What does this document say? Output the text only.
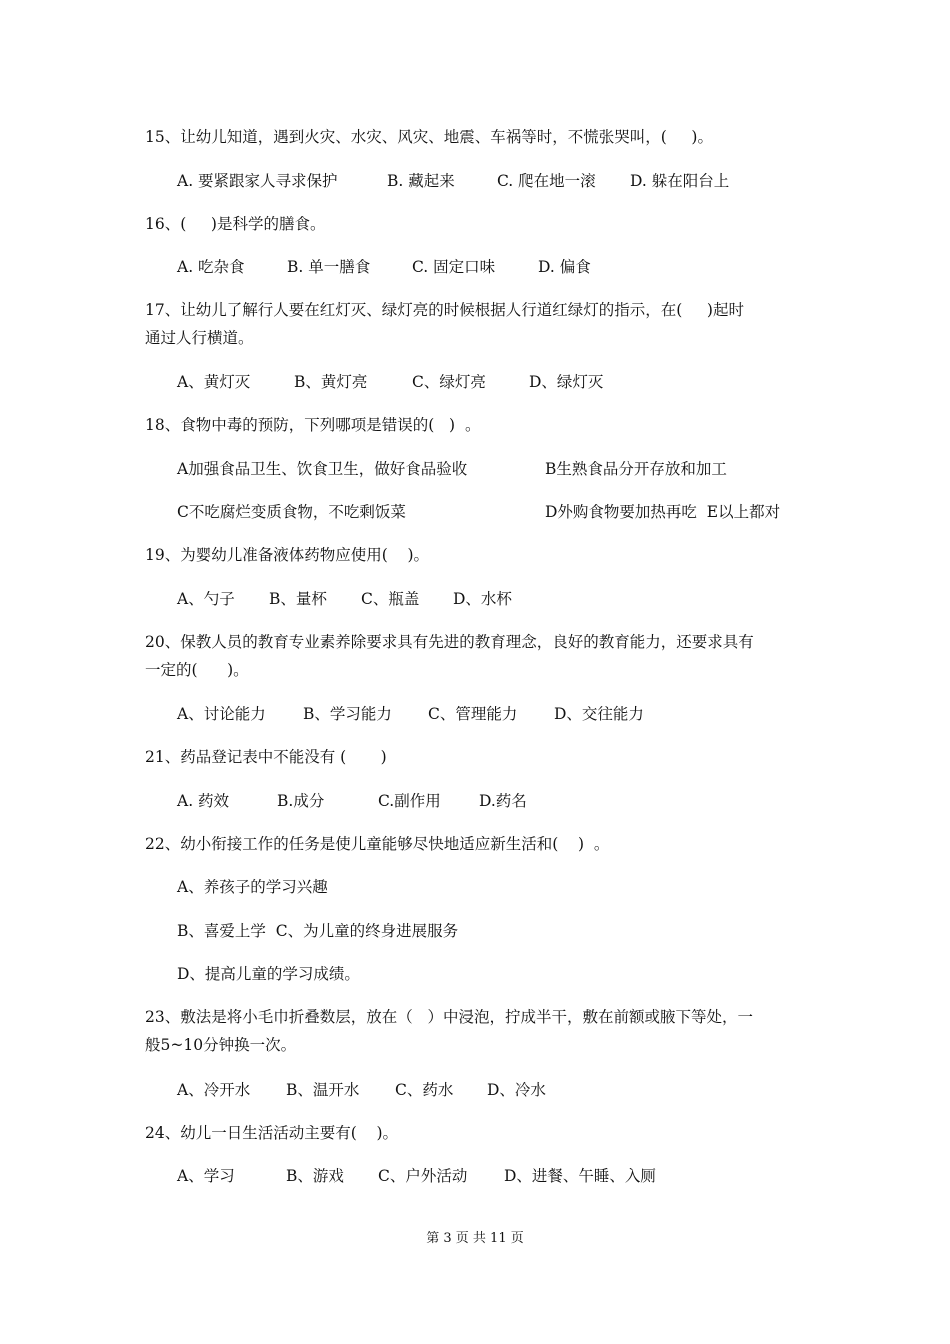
15、让幼儿知道，遇到火灾、水灾、风灾、地震、车祸等时，不慌张哭叫，(     )。
A. 要紧跟家人寻求保护	B. 藏起来	C. 爬在地一滚 D. 躲在阳台上
16、(     )是科学的膳食。
A. 吃杂食	B. 单一膳食	C. 固定口味	D. 偏食
17、让幼儿了解行人要在红灯灭、绿灯亮的时候根据人行道红绿灯的指示，在(     )起时
通过人行横道。
A、黄灯灭	B、黄灯亮	C、绿灯亮	D、绿灯灭
18、食物中毒的预防，下列哪项是错误的(   )  。
A加强食品卫生、饮食卫生，做好食品验收	B生熟食品分开存放和加工
C不吃腐烂变质食物，不吃剩饭菜	D外购食物要加热再吃  E以上都对
19、为婴幼儿准备液体药物应使用(    )。
A、勺子 B、量杯 C、瓶盖 D、水杯
20、保教人员的教育专业素养除要求具有先进的教育理念，良好的教育能力，还要求具有
一定的(      )。
A、讨论能力 B、学习能力 C、管理能力 D、交往能力
21、药品登记表中不能没有 (       )
A. 药效	B.成分	C.副作用 D.药名
22、幼小衔接工作的任务是使儿童能够尽快地适应新生活和(    )  。
A、养孩子的学习兴趣
B、喜爱上学  C、为儿童的终身进展服务
D、提高儿童的学习成绩。
23、敷法是将小毛巾折叠数层，放在（   ）中浸泡，拧成半干，敷在前额或腋下等处，一
般5~10分钟换一次。
A、冷开水 B、温开水 C、药水 D、冷水
24、幼儿一日生活活动主要有(    )。
A、学习	B、游戏 C、户外活动 D、进餐、午睡、入厕
第 3 页 共 11 页
